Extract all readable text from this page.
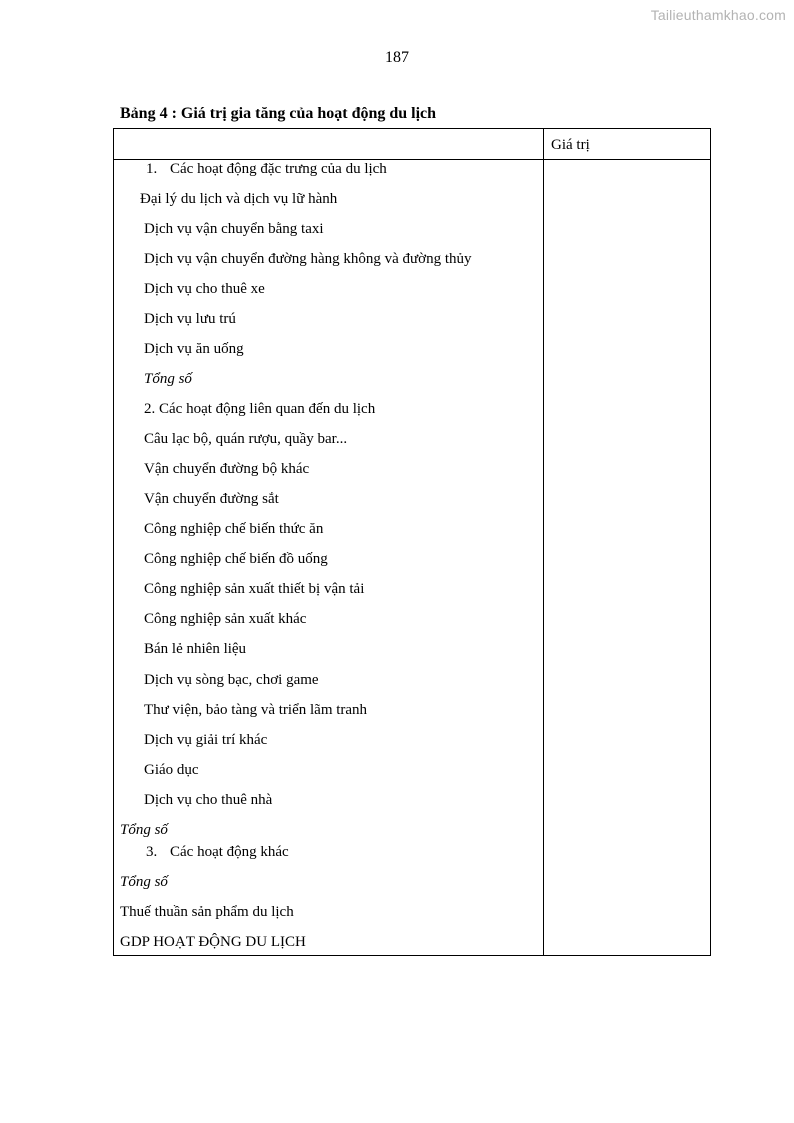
Tailieuthamkhao.com
187
Bảng 4 : Giá trị gia tăng của hoạt động du lịch
Giá trị
1. Các hoạt động đặc trưng của du lịch
Đại lý du lịch và dịch vụ lữ hành
Dịch vụ vận chuyển bằng taxi
Dịch vụ vận chuyển đường hàng không và đường thủy
Dịch vụ cho thuê xe
Dịch vụ lưu trú
Dịch vụ ăn uống
Tổng số
2. Các hoạt động liên quan đến du lịch
Câu lạc bộ, quán rượu, quầy bar...
Vận chuyển đường bộ khác
Vận chuyển đường sắt
Công nghiệp chế biến thức ăn
Công nghiệp chế biến đồ uống
Công nghiệp sản xuất thiết bị vận tải
Công nghiệp sản xuất khác
Bán lẻ nhiên liệu
Dịch vụ sòng bạc, chơi game
Thư viện, bảo tàng và triển lãm tranh
Dịch vụ giải trí khác
Giáo dục
Dịch vụ cho thuê nhà
Tổng số
3. Các hoạt động khác
Tổng số
Thuế thuần sản phẩm du lịch
GDP HOẠT ĐỘNG DU LỊCH
